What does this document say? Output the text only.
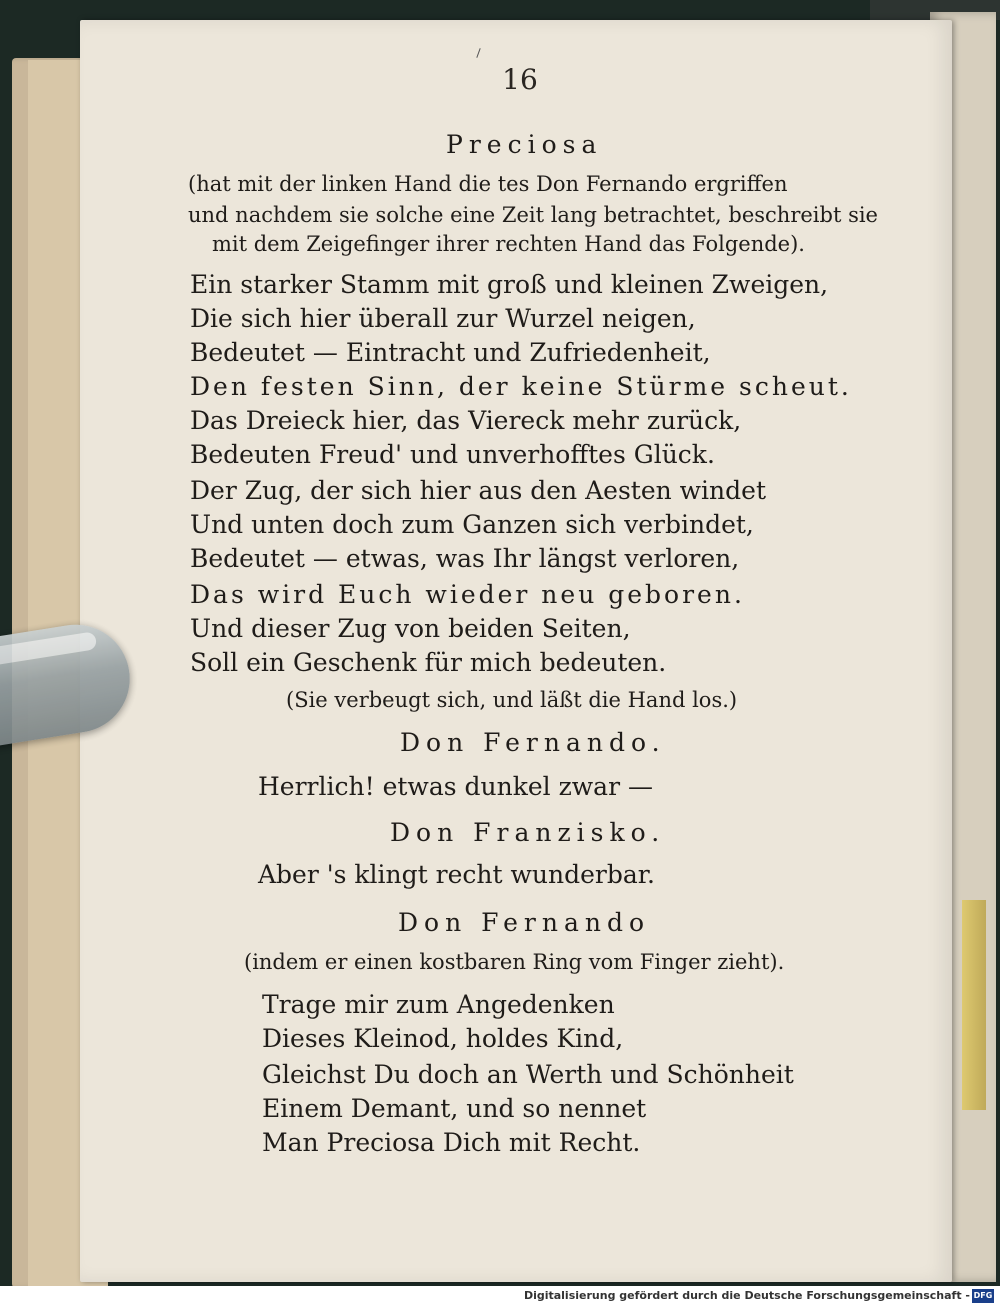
16
Preciosa
(hat mit der linken Hand die tes Don Fernando ergriffen
und nachdem sie solche eine Zeit lang betrachtet, beschreibt sie
mit dem Zeigefinger ihrer rechten Hand das Folgende).
Ein starker Stamm mit groß und kleinen Zweigen,
Die sich hier überall zur Wurzel neigen,
Bedeutet — Eintracht und Zufriedenheit,
Den festen Sinn, der keine Stürme scheut.
Das Dreieck hier, das Viereck mehr zurück,
Bedeuten Freud' und unverhofftes Glück.
Der Zug, der sich hier aus den Aesten windet
Und unten doch zum Ganzen sich verbindet,
Bedeutet — etwas, was Ihr längst verloren,
Das wird Euch wieder neu geboren.
Und dieser Zug von beiden Seiten,
Soll ein Geschenk für mich bedeuten.
(Sie verbeugt sich, und läßt die Hand los.)
Don Fernando.
Herrlich! etwas dunkel zwar —
Don Franzisko.
Aber 's klingt recht wunderbar.
Don Fernando
(indem er einen kostbaren Ring vom Finger zieht).
Trage mir zum Angedenken
Dieses Kleinod, holdes Kind,
Gleichst Du doch an Werth und Schönheit
Einem Demant, und so nennet
Man Preciosa Dich mit Recht.
Digitalisierung gefördert durch die Deutsche Forschungsgemeinschaft - DFG
